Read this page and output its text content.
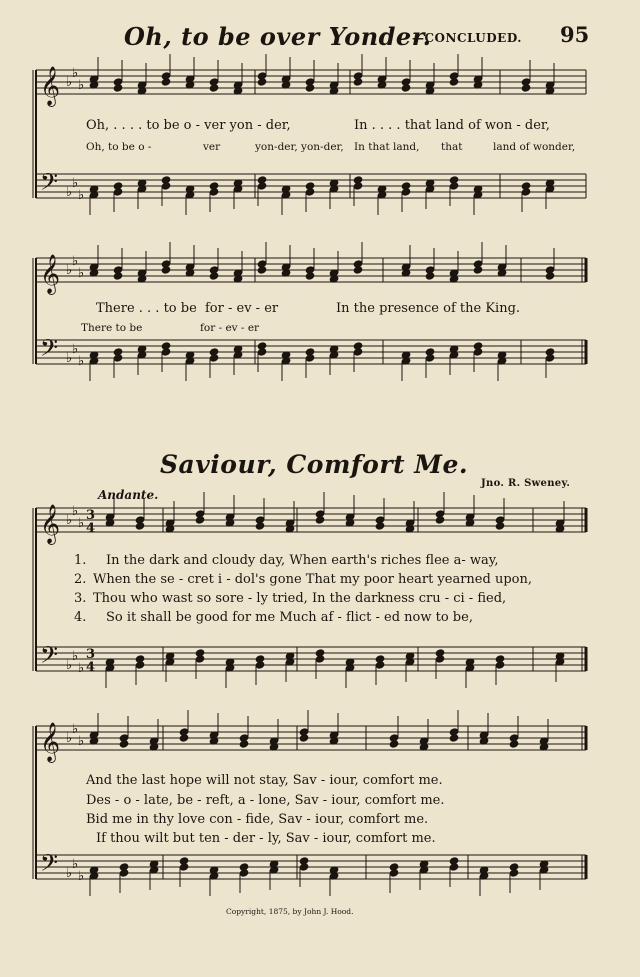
Oh, to be over Yonder.
—CONCLUDED. 95
𝄞
𝄢
♭
♭
♭
♭
♭
♭
𝄞
𝄢
♭
♭
♭
♭
♭
♭
𝄞
𝄢
♭
♭
♭
♭
♭
♭
3
4
3
4
𝄞
𝄢
♭
♭
♭
♭
♭
♭
Oh, . . . . to be o - ver yon - der,	In . . . . that land of won - der,
Oh, to be o -	ver	yon-der, yon-der, In that land, that	land of wonder,
There . . . to be for - ev - er	In the presence of the King.
There to be	for - ev - er
Saviour, Comfort Me.
Jno. R. Sweney.
Andante.
1. In the dark and cloudy day, When earth's riches flee a- way,
2. When the se - cret i - dol's gone That my poor heart yearned upon,
3. Thou who wast so sore - ly tried, In the darkness cru - ci - fied,
4. So it shall be good for me Much af - flict - ed now to be,
And the last hope will not stay, Sav - iour, comfort me.
Des - o - late, be - reft, a - lone, Sav - iour, comfort me.
Bid me in thy love con - fide, Sav - iour, comfort me.
If thou wilt but ten - der - ly, Sav - iour, comfort me.
Copyright, 1875, by John J. Hood.
